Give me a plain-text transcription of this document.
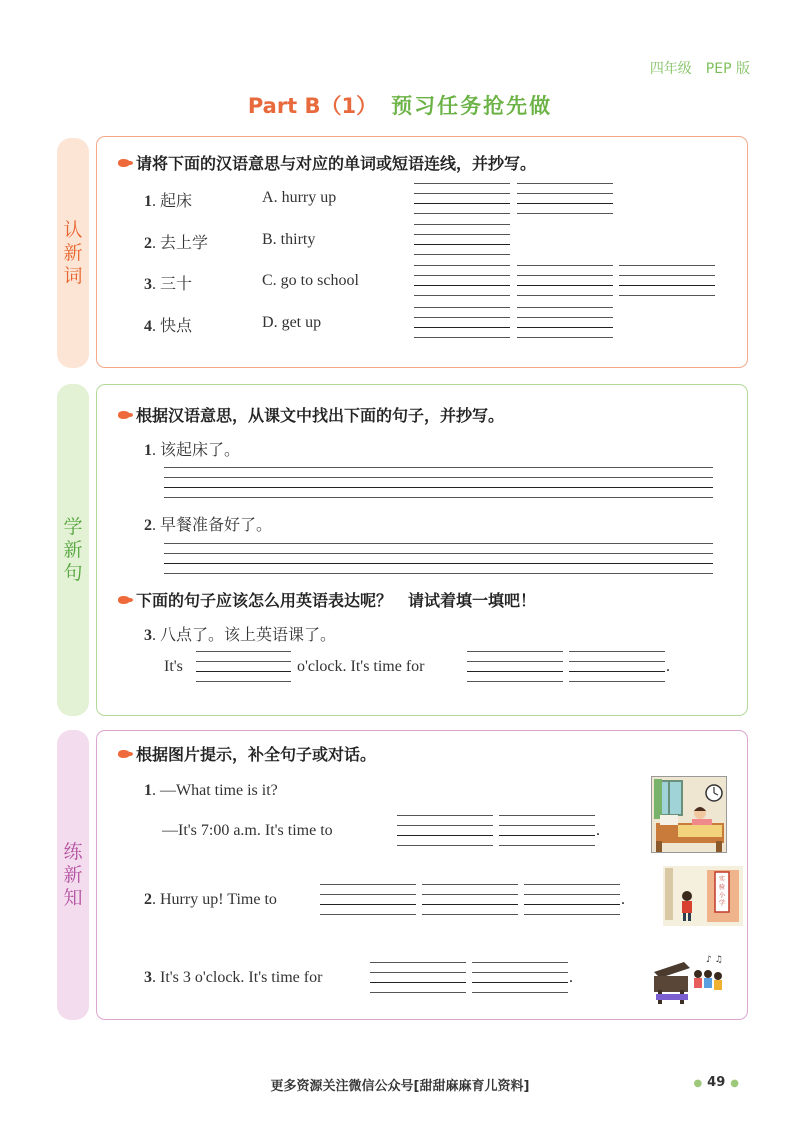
四年级　PEP 版
Part B（1） 预习任务抢先做
认
新
词
学
新
句
练
新
知
请将下面的汉语意思与对应的单词或短语连线，并抄写。
1. 起床	A. hurry up
2. 去上学	B. thirty
3. 三十	C. go to school
4. 快点	D. get up
根据汉语意思，从课文中找出下面的句子，并抄写。
1. 该起床了。
2. 早餐准备好了。
下面的句子应该怎么用英语表达呢？　请试着填一填吧！
3. 八点了。该上英语课了。
It's	o'clock. It's time for	.
根据图片提示，补全句子或对话。
1. —What time is it?
—It's 7:00 a.m. It's time to	.
2. Hurry up! Time to	.
3. It's 3 o'clock. It's time for	.
实
验
小
学
♪ ♫
更多资源关注微信公众号[甜甜麻麻育儿资料]	● 49 ●
